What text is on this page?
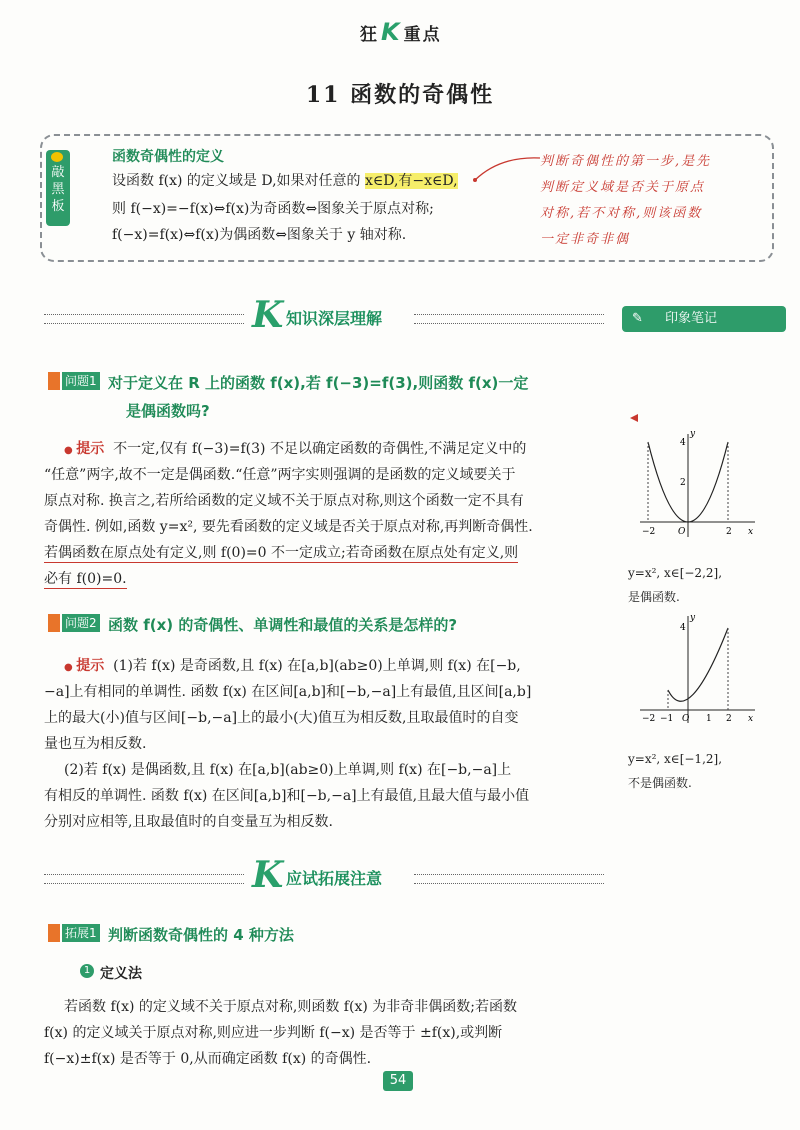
狂K 重点
11 函数的奇偶性
敲黑板
函数奇偶性的定义
设函数 f(x) 的定义域是 D,如果对任意的 x∈D,有−x∈D,
则 f(−x)=−f(x)⇔f(x)为奇函数⇔图象关于原点对称;
f(−x)=f(x)⇔f(x)为偶函数⇔图象关于 y 轴对称.
判断奇偶性的第一步,是先
判断定义域是否关于原点
对称,若不对称,则该函数
一定非奇非偶
K 知识深层理解	✎ 印象笔记
问题1 对于定义在 R 上的函数 f(x),若 f(−3)=f(3),则函数 f(x)一定
是偶函数吗?
● 提示 不一定,仅有 f(−3)=f(3) 不足以确定函数的奇偶性,不满足定义中的
“任意”两字,故不一定是偶函数.“任意”两字实则强调的是函数的定义域要关于
原点对称. 换言之,若所给函数的定义域不关于原点对称,则这个函数一定不具有
奇偶性. 例如,函数 y=x², 要先看函数的定义域是否关于原点对称,再判断奇偶性.
若偶函数在原点处有定义,则 f(0)=0 不一定成立;若奇函数在原点处有定义,则
必有 f(0)=0.
4
2
−2	2
O	x
y
y=x², x∈[−2,2],
是偶函数.
问题2 函数 f(x) 的奇偶性、单调性和最值的关系是怎样的?
● 提示 (1)若 f(x) 是奇函数,且 f(x) 在[a,b](ab≥0)上单调,则 f(x) 在[−b,
−a]上有相同的单调性. 函数 f(x) 在区间[a,b]和[−b,−a]上有最值,且区间[a,b]
上的最大(小)值与区间[−b,−a]上的最小(大)值互为相反数,且取最值时的自变
量也互为相反数.
(2)若 f(x) 是偶函数,且 f(x) 在[a,b](ab≥0)上单调,则 f(x) 在[−b,−a]上
有相反的单调性. 函数 f(x) 在区间[a,b]和[−b,−a]上有最值,且最大值与最小值
分别对应相等,且取最值时的自变量互为相反数.
4
−2 −1	1 2
O	x
y
y=x², x∈[−1,2],
不是偶函数.
K 应试拓展注意
拓展1 判断函数奇偶性的 4 种方法
1 定义法
若函数 f(x) 的定义域不关于原点对称,则函数 f(x) 为非奇非偶函数;若函数
f(x) 的定义域关于原点对称,则应进一步判断 f(−x) 是否等于 ±f(x),或判断
f(−x)±f(x) 是否等于 0,从而确定函数 f(x) 的奇偶性.
54
